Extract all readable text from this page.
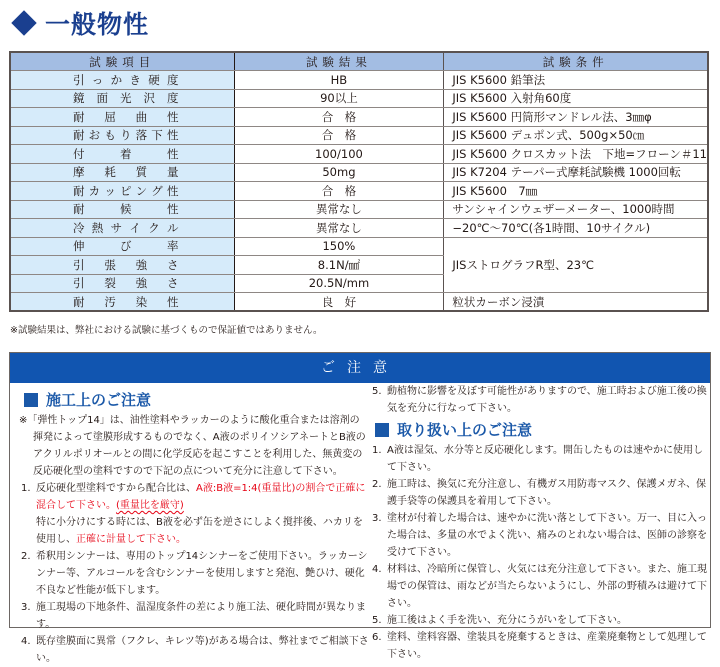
一般物性
試験項目	試験結果	試験条件

引 っ か き 硬 度	HB	JIS K5600 鉛筆法

鏡 面 光 沢 度	90以上	JIS K5600 入射角60度

耐 屈 曲 性	合　格	JIS K5600 円筒形マンドレル法、3㎜φ

耐 お も り 落 下 性	合　格	JIS K5600 デュポン式、500g×50㎝

付 着 性	100/100	JIS K5600 クロスカット法　下地=フローン＃11

摩 耗 質 量	50mg	JIS K7204 テーパー式摩耗試験機 1000回転

耐 カ ッ ピ ン グ 性	合　格	JIS K5600　7㎜

耐 候 性	異常なし	サンシャインウェザーメーター、1000時間

冷 熱 サ イ ク ル	異常なし	−20℃〜70℃(各1時間、10サイクル)

伸 び 率	150%	JISストログラフR型、23℃

引 張 強 さ	8.1N/㎟	

引 裂 強 さ	20.5N/mm	

耐 汚 染 性	良　好	粒状カーボン浸漬
※試験結果は、弊社における試験に基づくもので保証値ではありません。
ご注意
施工上のご注意
※「弾性トップ14」は、油性塗料やラッカーのように酸化重合または溶剤の揮発によって塗膜形成するものでなく、A液のポリイソシアネートとB液のアクリルポリオールとの間に化学反応を起こすことを利用した、無黄変の反応硬化型の塗料ですので下記の点について充分に注意して下さい。
1. 反応硬化型塗料ですから配合比は、A液:B液=1:4(重量比)の割合で正確に混合して下さい。(重量比を厳守)
特に小分けにする時には、B液を必ず缶を逆さにしよく撹拌後、ハカリを使用し、正確に計量して下さい。
2. 希釈用シンナーは、専用のトップ14シンナーをご使用下さい。ラッカーシンナー等、アルコールを含むシンナーを使用しますと発泡、艶ひけ、硬化不良など性能が低下します。
3. 施工現場の下地条件、温湿度条件の差により施工法、硬化時間が異なります。
4. 既存塗膜面に異常（フクレ、キレツ等)がある場合は、弊社までご相談下さい。
5. 動植物に影響を及ぼす可能性がありますので、施工時および施工後の換気を充分に行なって下さい。
取り扱い上のご注意
1. A液は湿気、水分等と反応硬化します。開缶したものは速やかに使用して下さい。
2. 施工時は、換気に充分注意し、有機ガス用防毒マスク、保護メガネ、保護手袋等の保護具を着用して下さい。
3. 塗材が付着した場合は、速やかに洗い落として下さい。万一、目に入った場合は、多量の水でよく洗い、痛みのとれない場合は、医師の診察を受けて下さい。
4. 材料は、冷暗所に保管し、火気には充分注意して下さい。また、施工現場での保管は、雨などが当たらないようにし、外部の野積みは避けて下さい。
5. 施工後はよく手を洗い、充分にうがいをして下さい。
6. 塗料、塗料容器、塗装具を廃棄するときは、産業廃棄物として処理して下さい。
